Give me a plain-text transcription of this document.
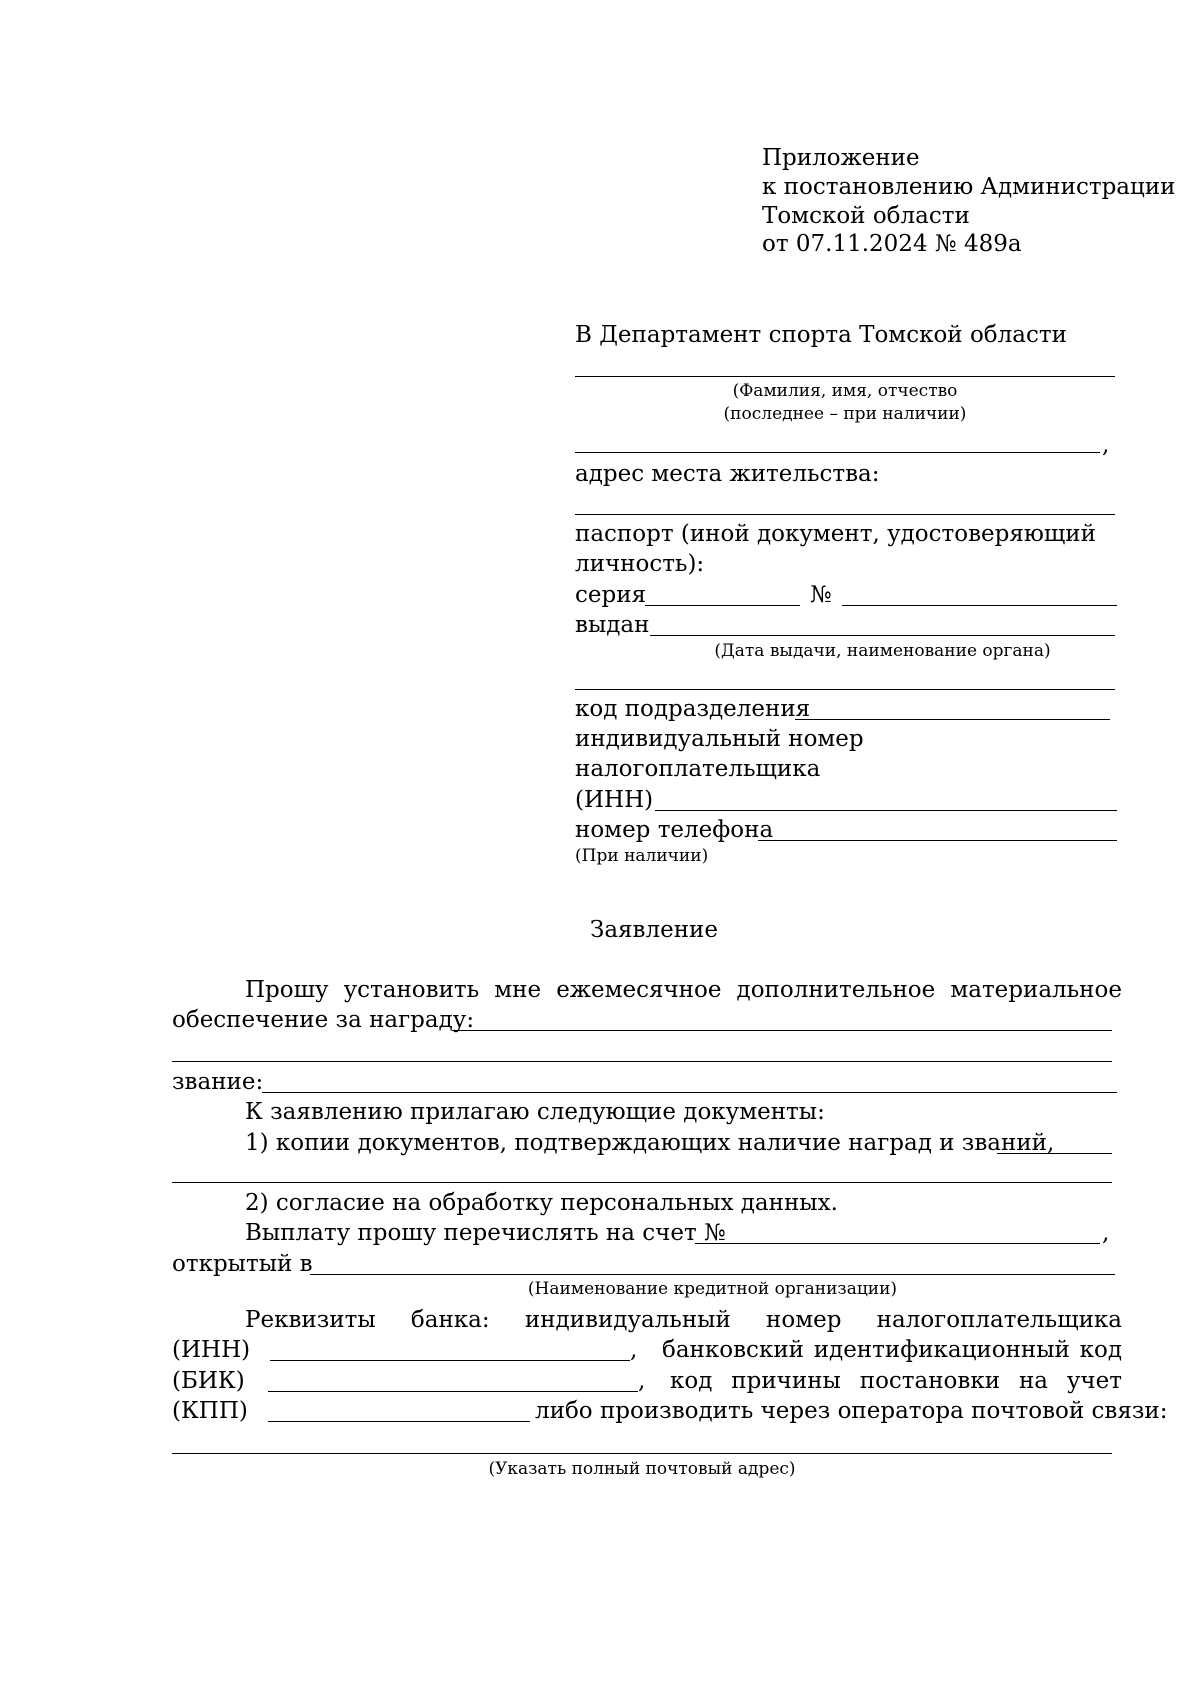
Приложение
к постановлению Администрации
Томской области
от 07.11.2024 № 489а
В Департамент спорта Томской области
(Фамилия, имя, отчество
(последнее – при наличии)
,
адрес места жительства:
паспорт (иной документ, удостоверяющий
личность):
серия	№
выдан
(Дата выдачи, наименование органа)
код подразделения
индивидуальный номер
налогоплательщика
(ИНН)
номер телефона
(При наличии)
Заявление
Прошу установить мне ежемесячное дополнительное материальное
обеспечение за награду:
звание:
К заявлению прилагаю следующие документы:
1) копии документов, подтверждающих наличие наград и званий,
2) согласие на обработку персональных данных.
Выплату прошу перечислять на счет №	,
открытый в
(Наименование кредитной организации)
Реквизиты банка: индивидуальный номер налогоплательщика
(ИНН)	, банковский идентификационный код
(БИК)	, код причины постановки на учет
(КПП)	либо производить через оператора почтовой связи:
(Указать полный почтовый адрес)
